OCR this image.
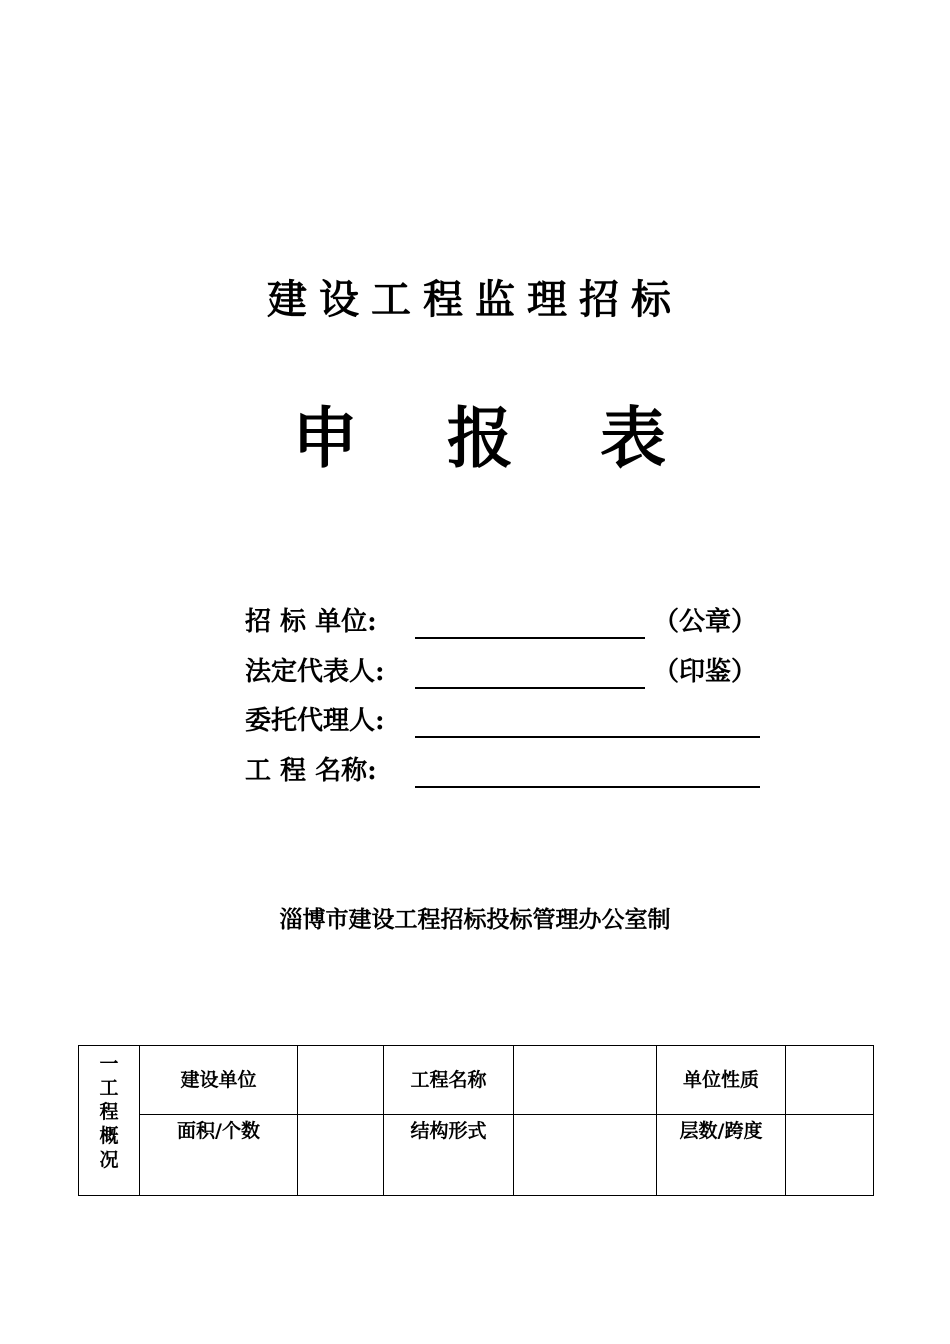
建设工程监理招标
申 报 表
招 标 单位:	（公章）
法定代表人:	（印鉴）
委托代理人:
工 程 名称:
淄博市建设工程招标投标管理办公室制
一
工
程
概
况	建设单位		工程名称		单位性质	
	面积/个数		结构形式		层数/跨度	
